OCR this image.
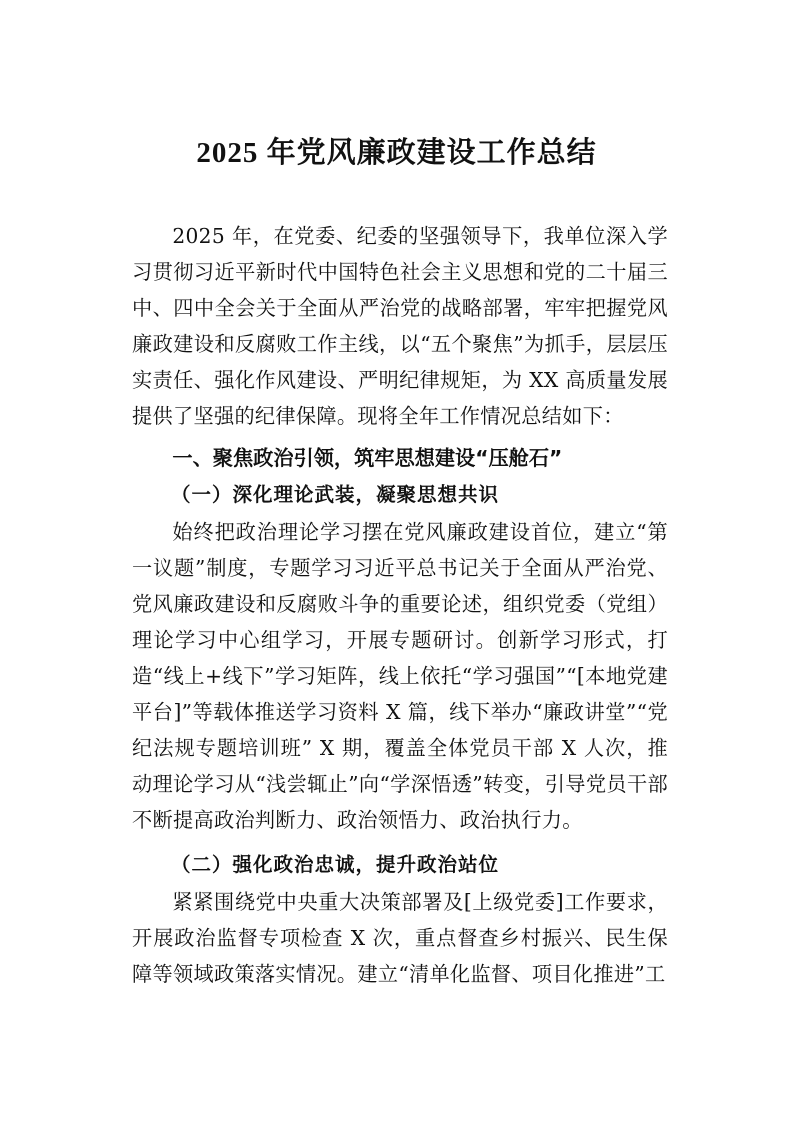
2025 年党风廉政建设工作总结
2025 年，在党委、纪委的坚强领导下，我单位深入学习贯彻习近平新时代中国特色社会主义思想和党的二十届三中、四中全会关于全面从严治党的战略部署，牢牢把握党风廉政建设和反腐败工作主线，以“五个聚焦”为抓手，层层压实责任、强化作风建设、严明纪律规矩，为 XX 高质量发展提供了坚强的纪律保障。现将全年工作情况总结如下：
一、聚焦政治引领，筑牢思想建设“压舱石”
（一）深化理论武装，凝聚思想共识
始终把政治理论学习摆在党风廉政建设首位，建立“第一议题”制度，专题学习习近平总书记关于全面从严治党、党风廉政建设和反腐败斗争的重要论述，组织党委（党组）理论学习中心组学习，开展专题研讨。创新学习形式，打造“线上+线下”学习矩阵，线上依托“学习强国”“[本地党建平台]”等载体推送学习资料 X 篇，线下举办“廉政讲堂”“党纪法规专题培训班” X 期，覆盖全体党员干部 X 人次，推动理论学习从“浅尝辄止”向“学深悟透”转变，引导党员干部不断提高政治判断力、政治领悟力、政治执行力。
（二）强化政治忠诚，提升政治站位
紧紧围绕党中央重大决策部署及[上级党委]工作要求，开展政治监督专项检查 X 次，重点督查乡村振兴、民生保障等领域政策落实情况。建立“清单化监督、项目化推进”工
